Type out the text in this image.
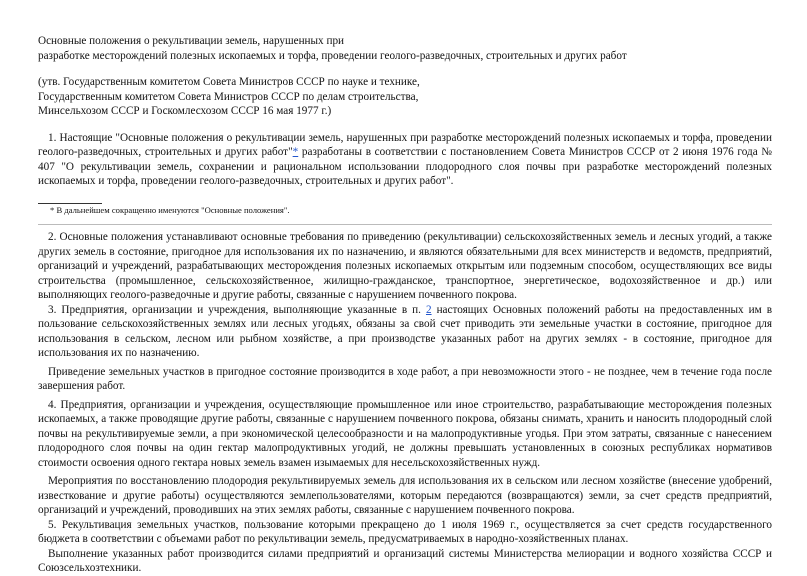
Основные положения о рекультивации земель, нарушенных при

разработке месторождений полезных ископаемых и торфа, проведении геолого-разведочных, строительных и других работ

(утв. Государственным комитетом Совета Министров СССР по науке и технике,
Государственным комитетом Совета Министров СССР по делам строительства,
Минсельхозом СССР и Госкомлесхозом СССР 16 мая 1977 г.)

1. Настоящие "Основные положения о рекультивации земель, нарушенных при разработке месторождений полезных ископаемых и торфа, проведении геолого-разведочных, строительных и других работ"* разработаны в соответствии с постановлением Совета Министров СССР от 2 июня 1976 года № 407 "О рекультивации земель, сохранении и рациональном использовании плодородного слоя почвы при разработке месторождений полезных ископаемых и торфа, проведении геолого-разведочных, строительных и других работ".

* В дальнейшем сокращенно именуются "Основные положения".

2. Основные положения устанавливают основные требования по приведению (рекультивации) сельскохозяйственных земель и лесных угодий, а также других земель в состояние, пригодное для использования их по назначению, и являются обязательными для всех министерств и ведомств, предприятий, организаций и учреждений, разрабатывающих месторождения полезных ископаемых открытым или подземным способом, осуществляющих все виды строительства (промышленное, сельскохозяйственное, жилищно-гражданское, транспортное, энергетическое, водохозяйственное и др.) или выполняющих геолого-разведочные и другие работы, связанные с нарушением почвенного покрова.

3. Предприятия, организации и учреждения, выполняющие указанные в п. 2 настоящих Основных положений работы на предоставленных им в пользование сельскохозяйственных землях или лесных угодьях, обязаны за свой счет приводить эти земельные участки в состояние, пригодное для использования в сельском, лесном или рыбном хозяйстве, а при производстве указанных работ на других землях - в состояние, пригодное для использования их по назначению.

Приведение земельных участков в пригодное состояние производится в ходе работ, а при невозможности этого - не позднее, чем в течение года после завершения работ.

4. Предприятия, организации и учреждения, осуществляющие промышленное или иное строительство, разрабатывающие месторождения полезных ископаемых, а также проводящие другие работы, связанные с нарушением почвенного покрова, обязаны снимать, хранить и наносить плодородный слой почвы на рекультивируемые земли, а при экономической целесообразности и на малопродуктивные угодья. При этом затраты, связанные с нанесением плодородного слоя почвы на один гектар малопродуктивных угодий, не должны превышать установленных в союзных республиках нормативов стоимости освоения одного гектара новых земель взамен изымаемых для несельскохозяйственных нужд.

Мероприятия по восстановлению плодородия рекультивируемых земель для использования их в сельском или лесном хозяйстве (внесение удобрений, известкование и другие работы) осуществляются землепользователями, которым передаются (возвращаются) земли, за счет средств предприятий, организаций и учреждений, проводивших на этих землях работы, связанные с нарушением почвенного покрова.

5. Рекультивация земельных участков, пользование которыми прекращено до 1 июля 1969 г., осуществляется за счет средств государственного бюджета в соответствии с объемами работ по рекультивации земель, предусматриваемых в народно-хозяйственных планах.

Выполнение указанных работ производится силами предприятий и организаций системы Министерства мелиорации и водного хозяйства СССР и Союзсельхозтехники.
